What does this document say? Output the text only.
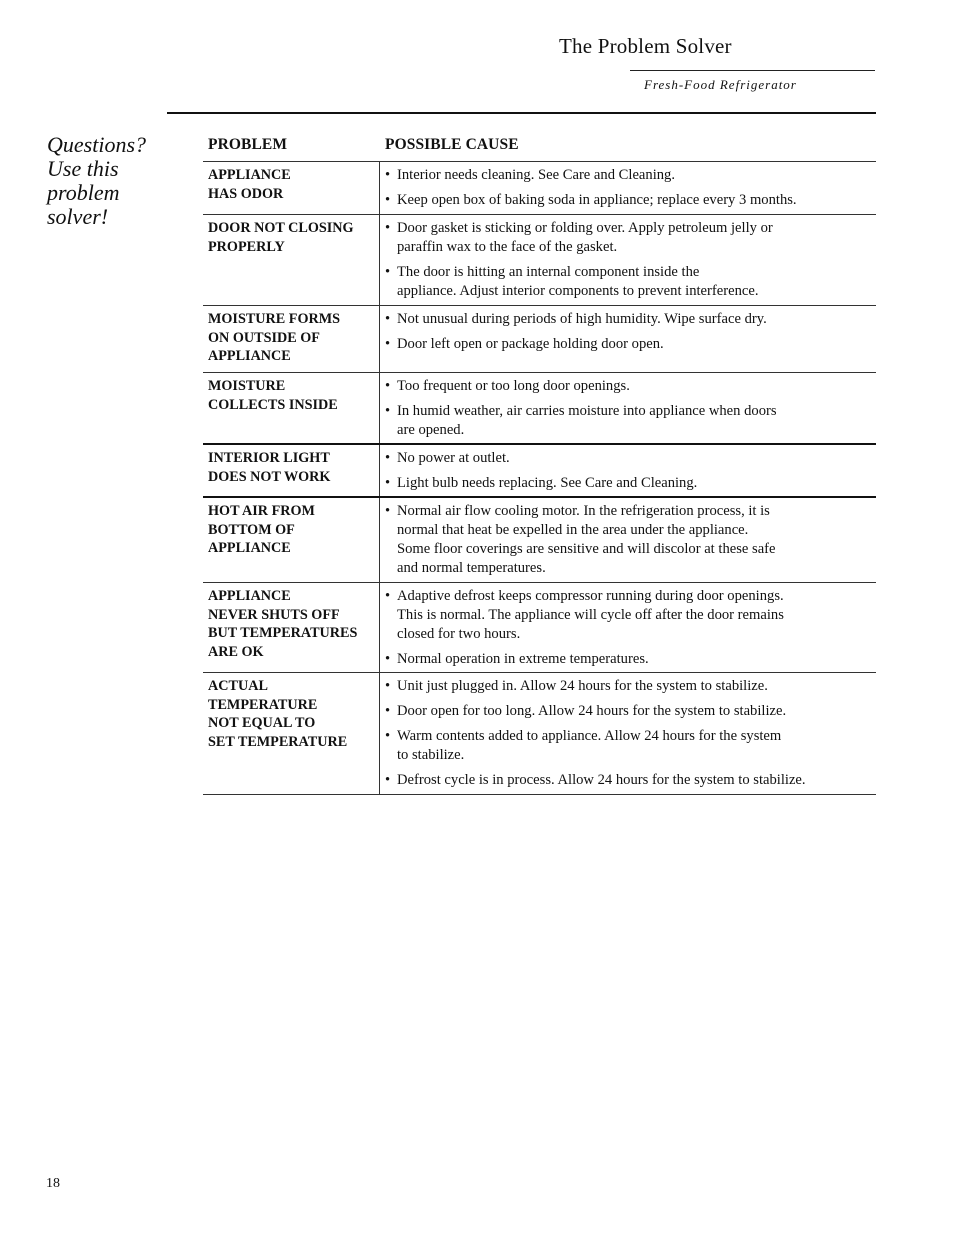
The Problem Solver
Fresh-Food Refrigerator
Questions?
Use this
problem
solver!
PROBLEM	POSSIBLE CAUSE
APPLIANCE
HAS ODOR
• Interior needs cleaning. See Care and Cleaning.
• Keep open box of baking soda in appliance; replace every 3 months.
DOOR NOT CLOSING
PROPERLY
• Door gasket is sticking or folding over. Apply petroleum jelly or
paraffin wax to the face of the gasket.
• The door is hitting an internal component inside the
appliance. Adjust interior components to prevent interference.
MOISTURE FORMS
ON OUTSIDE OF
APPLIANCE
• Not unusual during periods of high humidity. Wipe surface dry.
• Door left open or package holding door open.
MOISTURE
COLLECTS INSIDE
• Too frequent or too long door openings.
• In humid weather, air carries moisture into appliance when doors
are opened.
INTERIOR LIGHT
DOES NOT WORK
• No power at outlet.
• Light bulb needs replacing. See Care and Cleaning.
HOT AIR FROM
BOTTOM OF
APPLIANCE
• Normal air flow cooling motor. In the refrigeration process, it is
normal that heat be expelled in the area under the appliance.
Some floor coverings are sensitive and will discolor at these safe
and normal temperatures.
APPLIANCE
NEVER SHUTS OFF
BUT TEMPERATURES
ARE OK
• Adaptive defrost keeps compressor running during door openings.
This is normal. The appliance will cycle off after the door remains
closed for two hours.
• Normal operation in extreme temperatures.
ACTUAL
TEMPERATURE
NOT EQUAL TO
SET TEMPERATURE
• Unit just plugged in. Allow 24 hours for the system to stabilize.
• Door open for too long. Allow 24 hours for the system to stabilize.
• Warm contents added to appliance. Allow 24 hours for the system
to stabilize.
• Defrost cycle is in process. Allow 24 hours for the system to stabilize.
18
